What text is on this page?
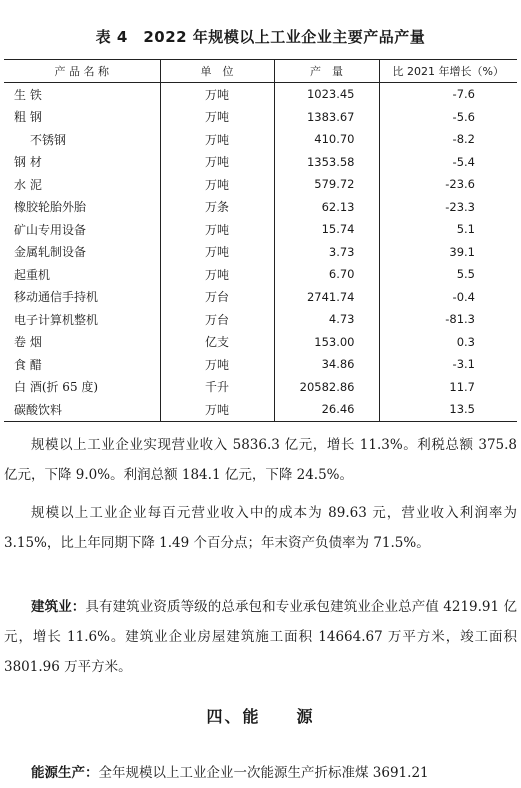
表 4　2022 年规模以上工业企业主要产品产量
产 品 名 称	单　位	产　量	比 2021 年增长（%）
生 铁	万吨	1023.45	-7.6
粗 钢	万吨	1383.67	-5.6
不锈钢	万吨	410.70	-8.2
钢 材	万吨	1353.58	-5.4
水 泥	万吨	579.72	-23.6
橡胶轮胎外胎	万条	62.13	-23.3
矿山专用设备	万吨	15.74	5.1
金属轧制设备	万吨	3.73	39.1
起重机	万吨	6.70	5.5
移动通信手持机	万台	2741.74	-0.4
电子计算机整机	万台	4.73	-81.3
卷 烟	亿支	153.00	0.3
食 醋	万吨	34.86	-3.1
白 酒(折 65 度)	千升	20582.86	11.7
碳酸饮料	万吨	26.46	13.5

规模以上工业企业实现营业收入 5836.3 亿元，增长 11.3%。利税总额 375.8 亿元，下降 9.0%。利润总额 184.1 亿元，下降 24.5%。

规模以上工业企业每百元营业收入中的成本为 89.63 元，营业收入利润率为 3.15%，比上年同期下降 1.49 个百分点；年末资产负债率为 71.5%。

建筑业：具有建筑业资质等级的总承包和专业承包建筑业企业总产值 4219.91 亿元，增长 11.6%。建筑业企业房屋建筑施工面积 14664.67 万平方米，竣工面积 3801.96 万平方米。

四、能　　源

能源生产：全年规模以上工业企业一次能源生产折标准煤 3691.21
